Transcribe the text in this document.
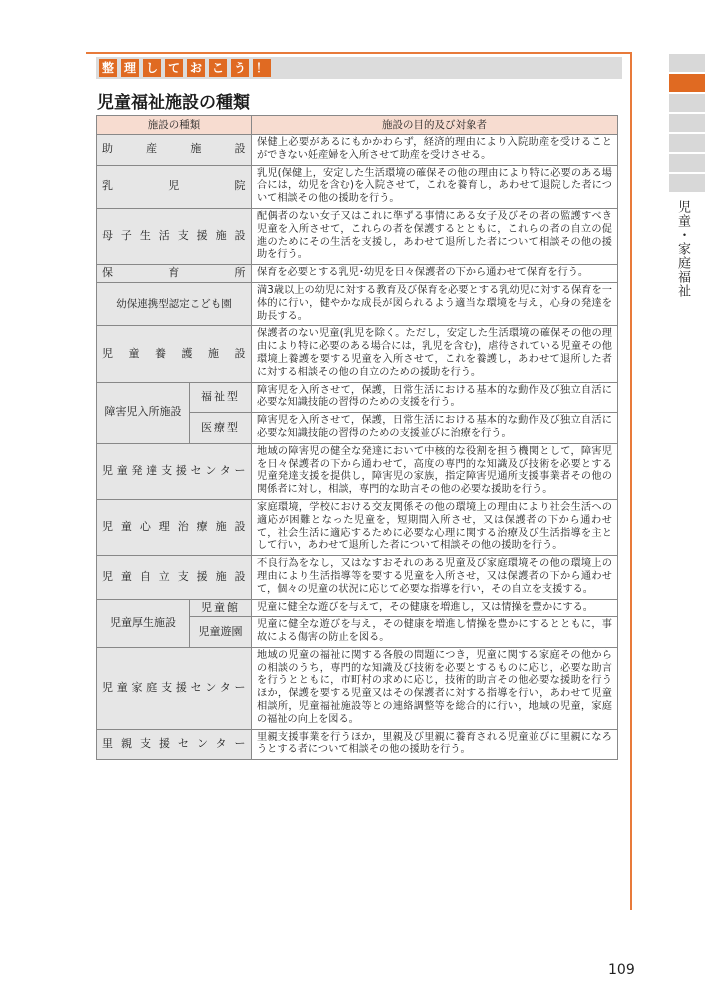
整 理 し て お こ う ！
児童福祉施設の種類
施設の種類		施設の目的及び対象者
助産施設		保健上必要があるにもかかわらず，経済的理由により入院助産を受けることができない妊産婦を入所させて助産を受けさせる。
乳児院		乳児(保健上，安定した生活環境の確保その他の理由により特に必要のある場合には，幼児を含む)を入院させて，これを養育し，あわせて退院した者について相談その他の援助を行う。
母子生活支援施設		配偶者のない女子又はこれに準ずる事情にある女子及びその者の監護すべき児童を入所させて，これらの者を保護するとともに，これらの者の自立の促進のためにその生活を支援し，あわせて退所した者について相談その他の援助を行う。
保育所		保育を必要とする乳児･幼児を日々保護者の下から通わせて保育を行う。
幼保連携型認定こども園		満3歳以上の幼児に対する教育及び保育を必要とする乳幼児に対する保育を一体的に行い，健やかな成長が図られるよう適当な環境を与え，心身の発達を助長する。
児童養護施設		保護者のない児童(乳児を除く。ただし，安定した生活環境の確保その他の理由により特に必要のある場合には，乳児を含む)，虐待されている児童その他環境上養護を要する児童を入所させて，これを養護し，あわせて退所した者に対する相談その他の自立のための援助を行う。
障害児入所施設	福祉型	障害児を入所させて，保護，日常生活における基本的な動作及び独立自活に必要な知識技能の習得のための支援を行う。
	医療型	障害児を入所させて，保護，日常生活における基本的な動作及び独立自活に必要な知識技能の習得のための支援並びに治療を行う。
児童発達支援センター		地域の障害児の健全な発達において中核的な役割を担う機関として，障害児を日々保護者の下から通わせて，高度の専門的な知識及び技術を必要とする児童発達支援を提供し，障害児の家族，指定障害児通所支援事業者その他の関係者に対し，相談，専門的な助言その他の必要な援助を行う。
児童心理治療施設		家庭環境，学校における交友関係その他の環境上の理由により社会生活への適応が困難となった児童を，短期間入所させ，又は保護者の下から通わせて，社会生活に適応するために必要な心理に関する治療及び生活指導を主として行い，あわせて退所した者について相談その他の援助を行う。
児童自立支援施設		不良行為をなし，又はなすおそれのある児童及び家庭環境その他の環境上の理由により生活指導等を要する児童を入所させ，又は保護者の下から通わせて，個々の児童の状況に応じて必要な指導を行い，その自立を支援する。
児童厚生施設	児童館	児童に健全な遊びを与えて，その健康を増進し，又は情操を豊かにする。
	児童遊園	児童に健全な遊びを与え，その健康を増進し情操を豊かにするとともに，事故による傷害の防止を図る。
児童家庭支援センター		地域の児童の福祉に関する各般の問題につき，児童に関する家庭その他からの相談のうち，専門的な知識及び技術を必要とするものに応じ，必要な助言を行うとともに，市町村の求めに応じ，技術的助言その他必要な援助を行うほか，保護を要する児童又はその保護者に対する指導を行い，あわせて児童相談所，児童福祉施設等との連絡調整等を総合的に行い，地域の児童，家庭の福祉の向上を図る。
里親支援センター		里親支援事業を行うほか，里親及び里親に養育される児童並びに里親になろうとする者について相談その他の援助を行う。
児童・家庭福祉
109
